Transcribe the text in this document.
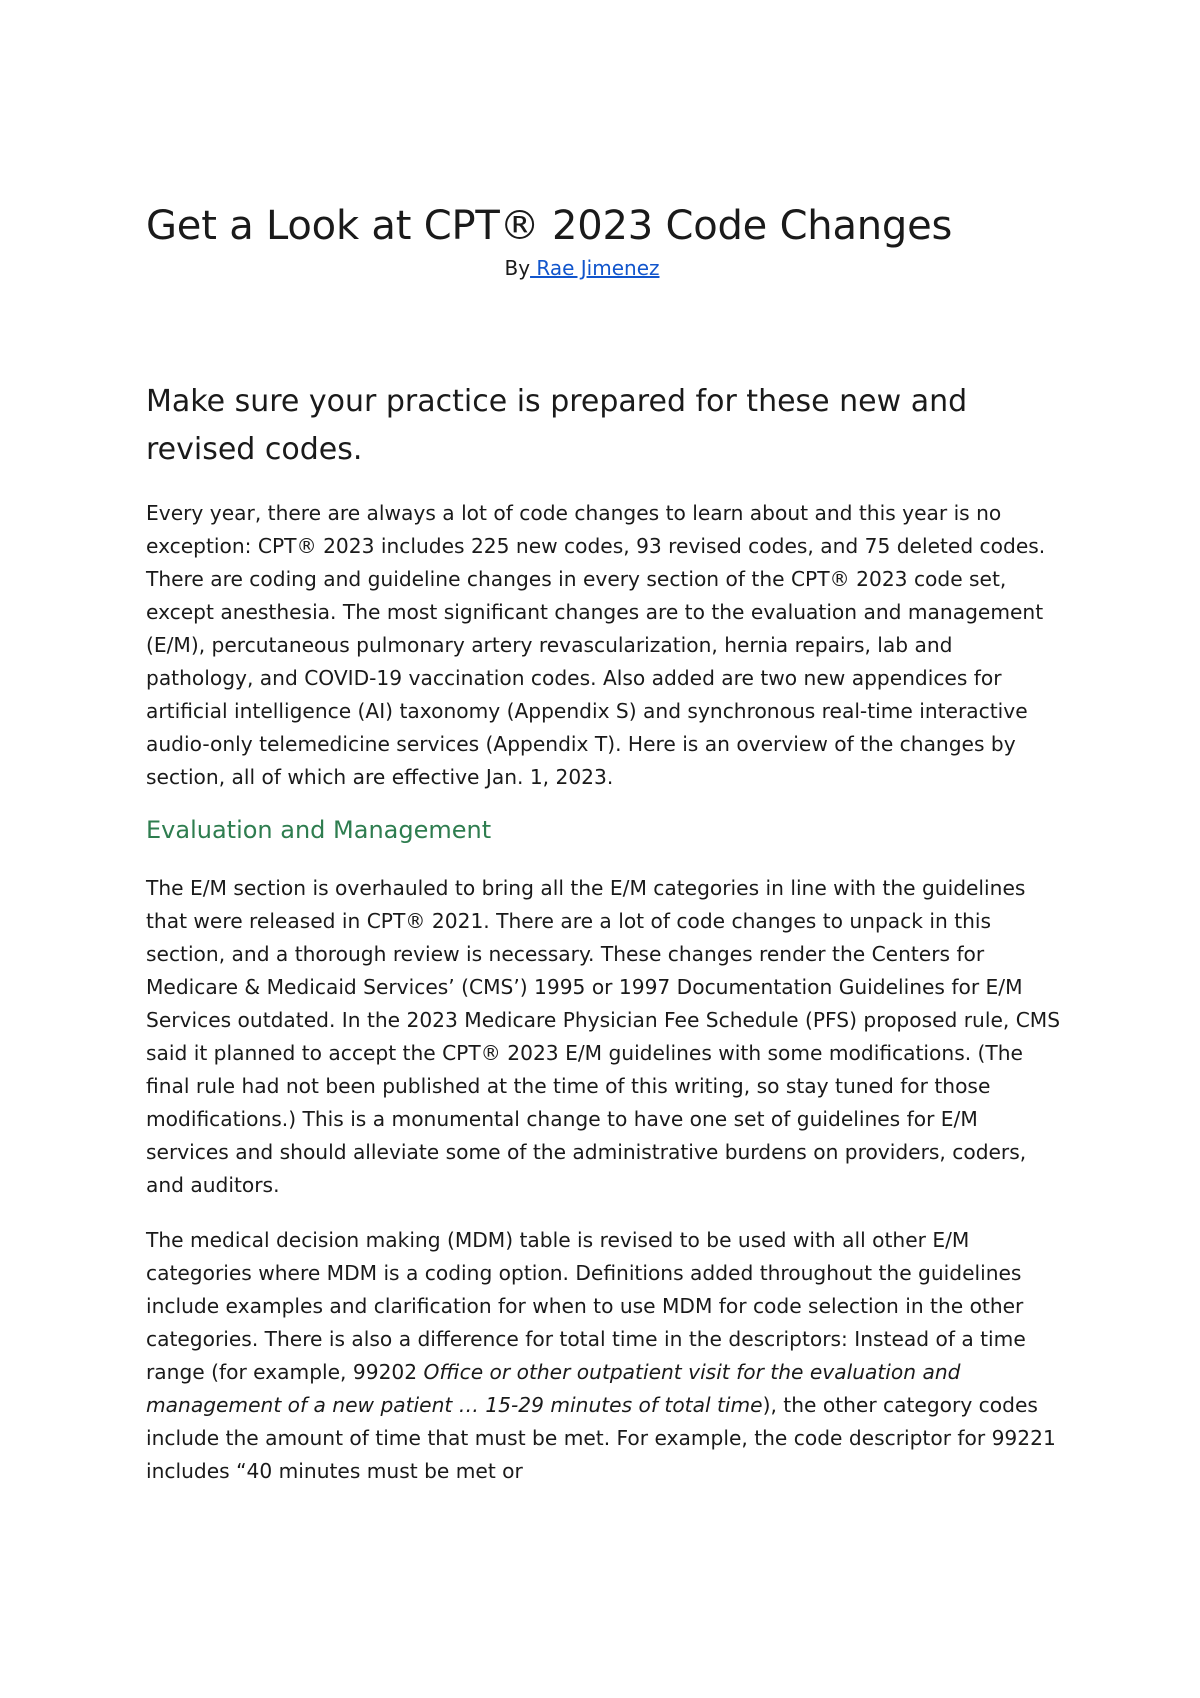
Get a Look at CPT® 2023 Code Changes
By Rae Jimenez
Make sure your practice is prepared for these new and revised codes.

Every year, there are always a lot of code changes to learn about and this year is no exception: CPT® 2023 includes 225 new codes, 93 revised codes, and 75 deleted codes. There are coding and guideline changes in every section of the CPT® 2023 code set, except anesthesia. The most significant changes are to the evaluation and management (E/M), percutaneous pulmonary artery revascularization, hernia repairs, lab and pathology, and COVID-19 vaccination codes. Also added are two new appendices for artificial intelligence (AI) taxonomy (Appendix S) and synchronous real-time interactive audio-only telemedicine services (Appendix T). Here is an overview of the changes by section, all of which are effective Jan. 1, 2023.

Evaluation and Management

The E/M section is overhauled to bring all the E/M categories in line with the guidelines that were released in CPT® 2021. There are a lot of code changes to unpack in this section, and a thorough review is necessary. These changes render the Centers for Medicare & Medicaid Services’ (CMS’) 1995 or 1997 Documentation Guidelines for E/M Services outdated. In the 2023 Medicare Physician Fee Schedule (PFS) proposed rule, CMS said it planned to accept the CPT® 2023 E/M guidelines with some modifications. (The final rule had not been published at the time of this writing, so stay tuned for those modifications.) This is a monumental change to have one set of guidelines for E/M services and should alleviate some of the administrative burdens on providers, coders, and auditors.

The medical decision making (MDM) table is revised to be used with all other E/M categories where MDM is a coding option. Definitions added throughout the guidelines include examples and clarification for when to use MDM for code selection in the other categories. There is also a difference for total time in the descriptors: Instead of a time range (for example, 99202 Office or other outpatient visit for the evaluation and management of a new patient … 15-29 minutes of total time), the other category codes include the amount of time that must be met. For example, the code descriptor for 99221 includes “40 minutes must be met or
